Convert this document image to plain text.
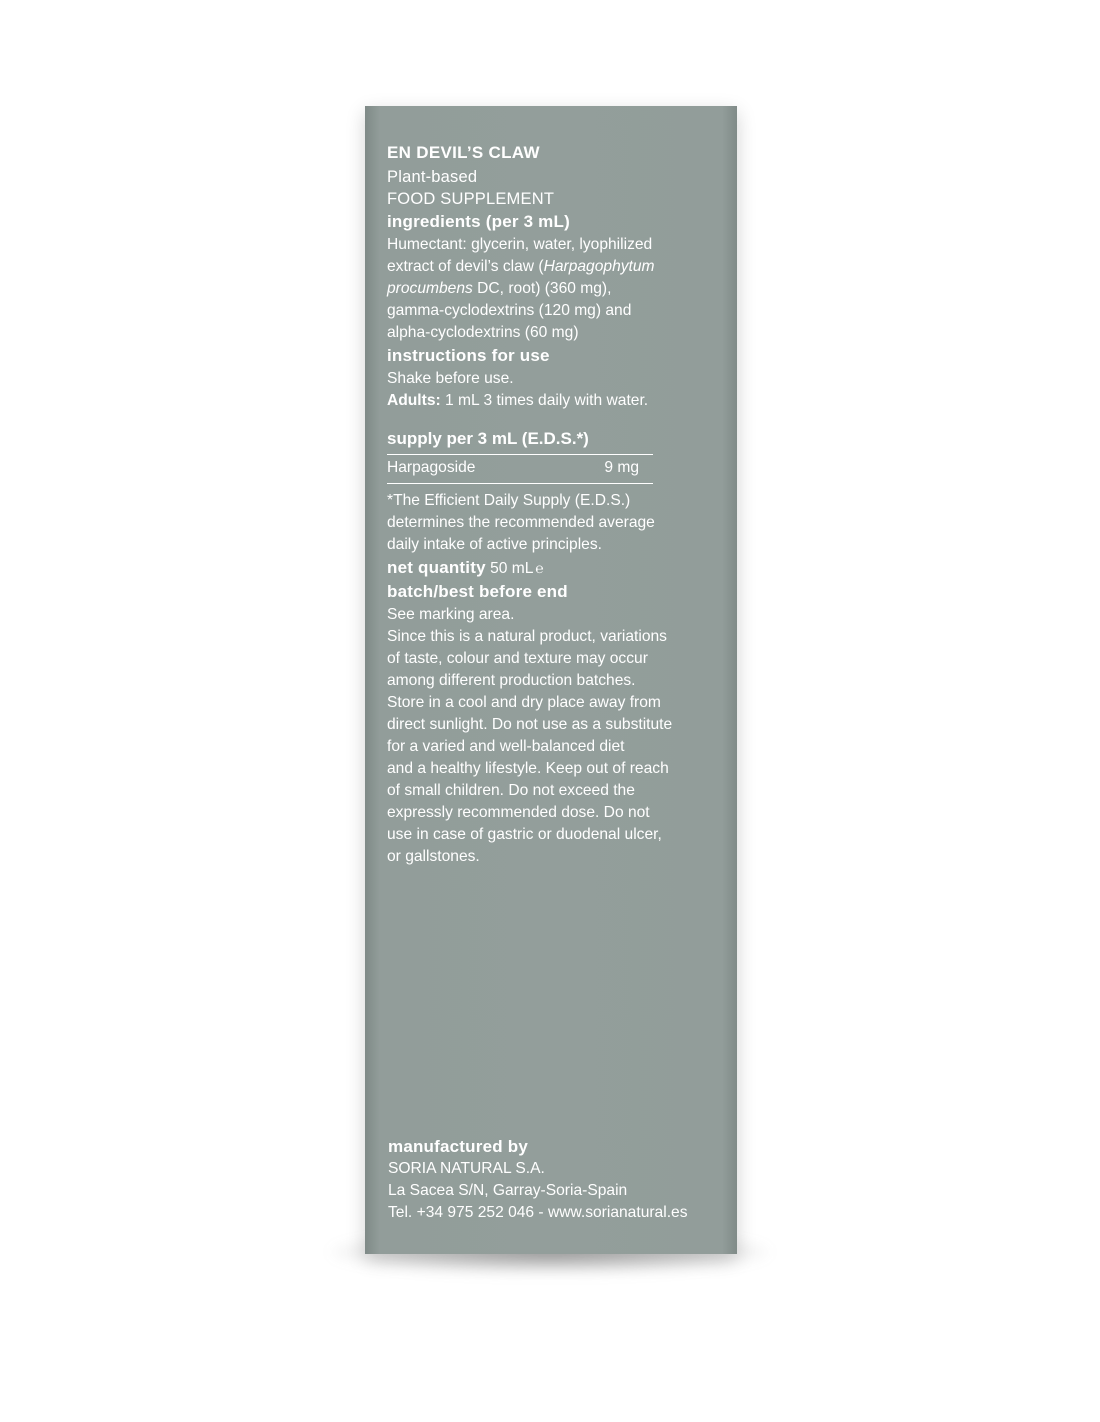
EN DEVIL’S CLAW
Plant-based
FOOD SUPPLEMENT
ingredients (per 3 mL)
Humectant: glycerin, water, lyophilized
extract of devil’s claw (Harpagophytum
procumbens DC, root) (360 mg),
gamma-cyclodextrins (120 mg) and
alpha-cyclodextrins (60 mg)
instructions for use
Shake before use.
Adults: 1 mL 3 times daily with water.
supply per 3 mL (E.D.S.*)
Harpagoside	9 mg
*The Efficient Daily Supply (E.D.S.)
determines the recommended average
daily intake of active principles.
net quantity 50 mL ℮
batch/best before end
See marking area.
Since this is a natural product, variations
of taste, colour and texture may occur
among different production batches.
Store in a cool and dry place away from
direct sunlight. Do not use as a substitute
for a varied and well-balanced diet
and a healthy lifestyle. Keep out of reach
of small children. Do not exceed the
expressly recommended dose. Do not
use in case of gastric or duodenal ulcer,
or gallstones.
manufactured by
SORIA NATURAL S.A.
La Sacea S/N, Garray-Soria-Spain
Tel. +34 975 252 046 - www.sorianatural.es
